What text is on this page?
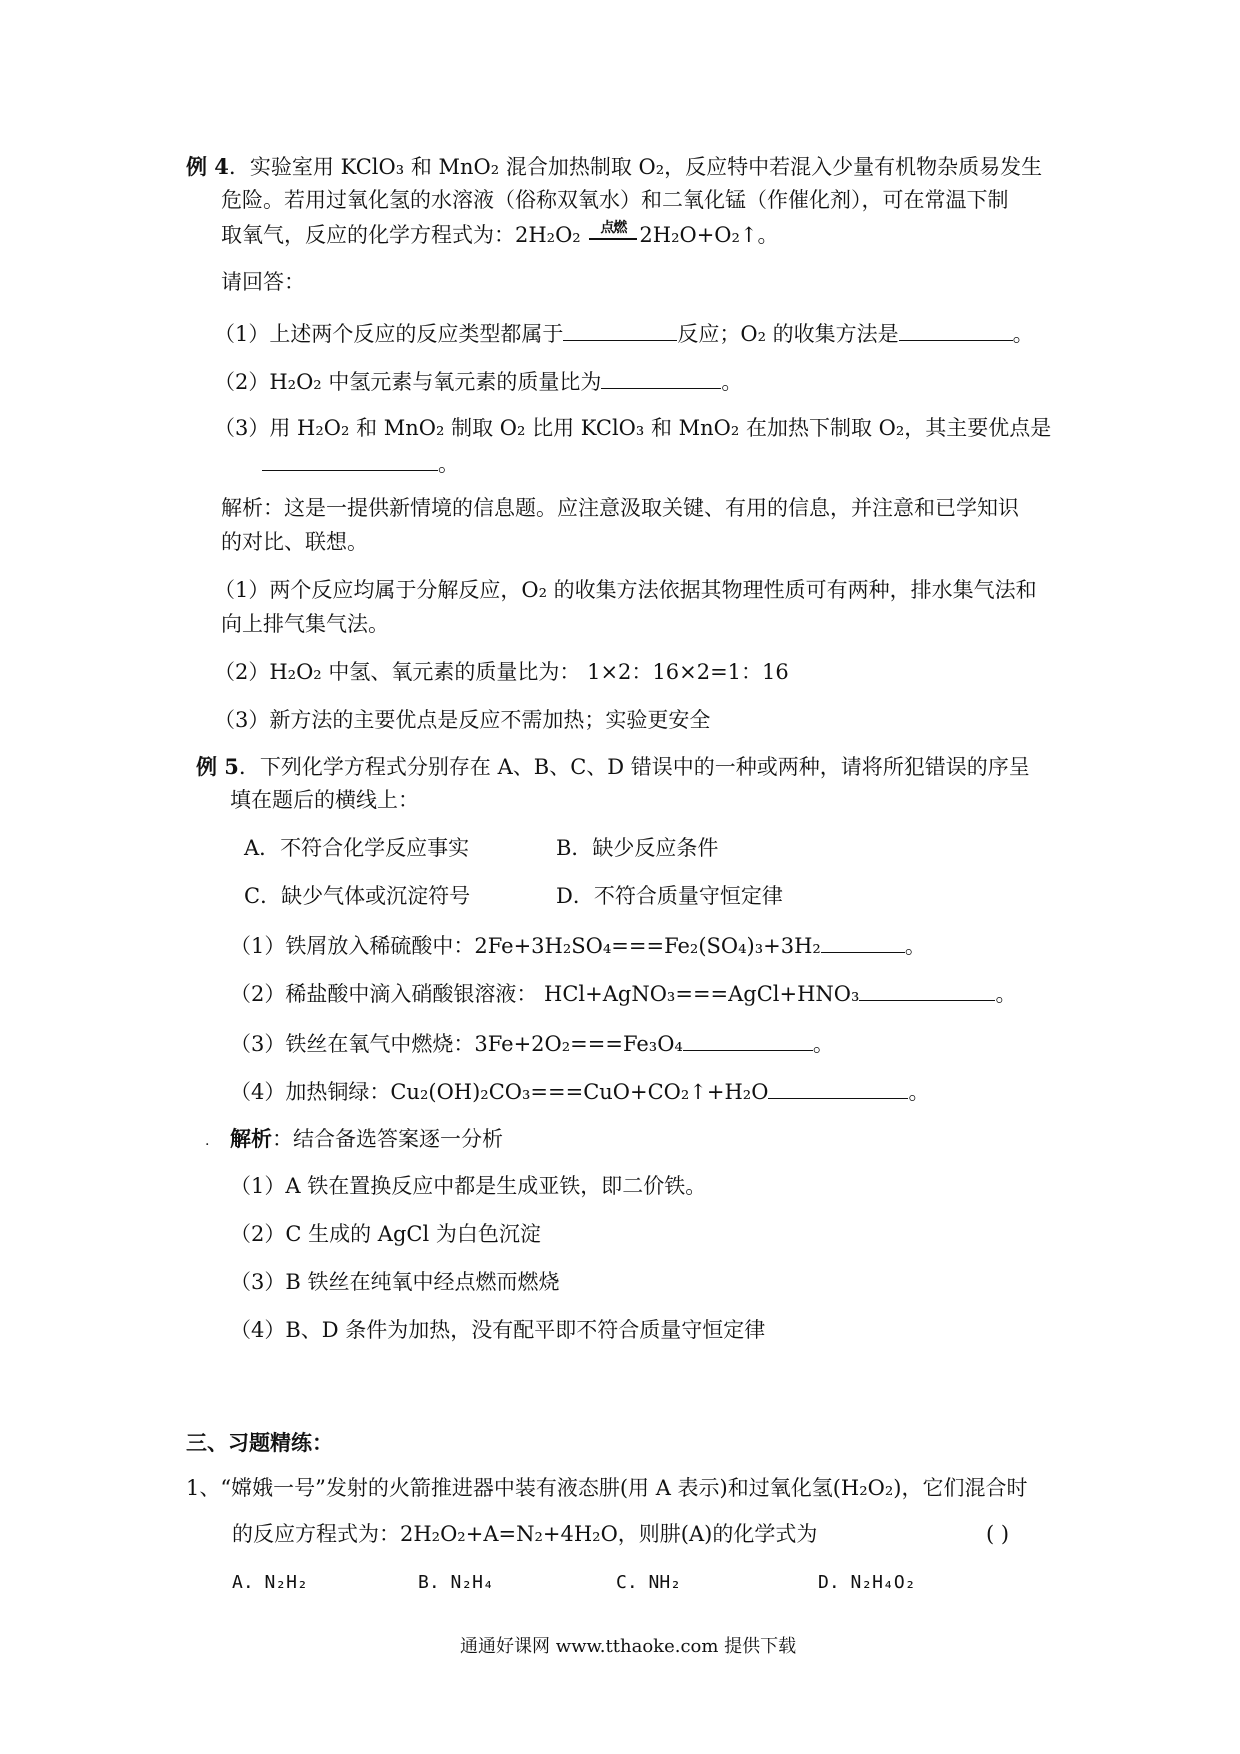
例 4．实验室用 KClO₃ 和 MnO₂ 混合加热制取 O₂，反应特中若混入少量有机物杂质易发生
危险。若用过氧化氢的水溶液（俗称双氧水）和二氧化锰（作催化剂），可在常温下制
取氧气，反应的化学方程式为：2H₂O₂ 点燃 2H₂O+O₂↑。
请回答：
（1）上述两个反应的反应类型都属于	反应；O₂ 的收集方法是	。
（2）H₂O₂ 中氢元素与氧元素的质量比为	。
（3）用 H₂O₂ 和 MnO₂ 制取 O₂ 比用 KClO₃ 和 MnO₂ 在加热下制取 O₂，其主要优点是
。
解析：这是一提供新情境的信息题。应注意汲取关键、有用的信息，并注意和已学知识
的对比、联想。
（1）两个反应均属于分解反应，O₂ 的收集方法依据其物理性质可有两种，排水集气法和
向上排气集气法。
（2）H₂O₂ 中氢、氧元素的质量比为： 1×2：16×2=1：16
（3）新方法的主要优点是反应不需加热；实验更安全
例 5．下列化学方程式分别存在 A、B、C、D 错误中的一种或两种，请将所犯错误的序呈
填在题后的横线上：
A．不符合化学反应事实	B．缺少反应条件
C．缺少气体或沉淀符号	D．不符合质量守恒定律
（1）铁屑放入稀硫酸中：2Fe+3H₂SO₄===Fe₂(SO₄)₃+3H₂	。
（2）稀盐酸中滴入硝酸银溶液： HCl+AgNO₃===AgCl+HNO₃	。
（3）铁丝在氧气中燃烧：3Fe+2O₂===Fe₃O₄	。
（4）加热铜绿：Cu₂(OH)₂CO₃===CuO+CO₂↑+H₂O	。
. 解析：结合备选答案逐一分析
（1）A 铁在置换反应中都是生成亚铁，即二价铁。
（2）C 生成的 AgCl 为白色沉淀
（3）B 铁丝在纯氧中经点燃而燃烧
（4）B、D 条件为加热，没有配平即不符合质量守恒定律
三、习题精练：
1、“嫦娥一号”发射的火箭推进器中装有液态肼(用 A 表示)和过氧化氢(H₂O₂)，它们混合时
的反应方程式为：2H₂O₂+A=N₂+4H₂O，则肼(A)的化学式为	( )
A. N₂H₂	B. N₂H₄	C. NH₂	D. N₂H₄O₂
通通好课网 www.tthaoke.com 提供下载
